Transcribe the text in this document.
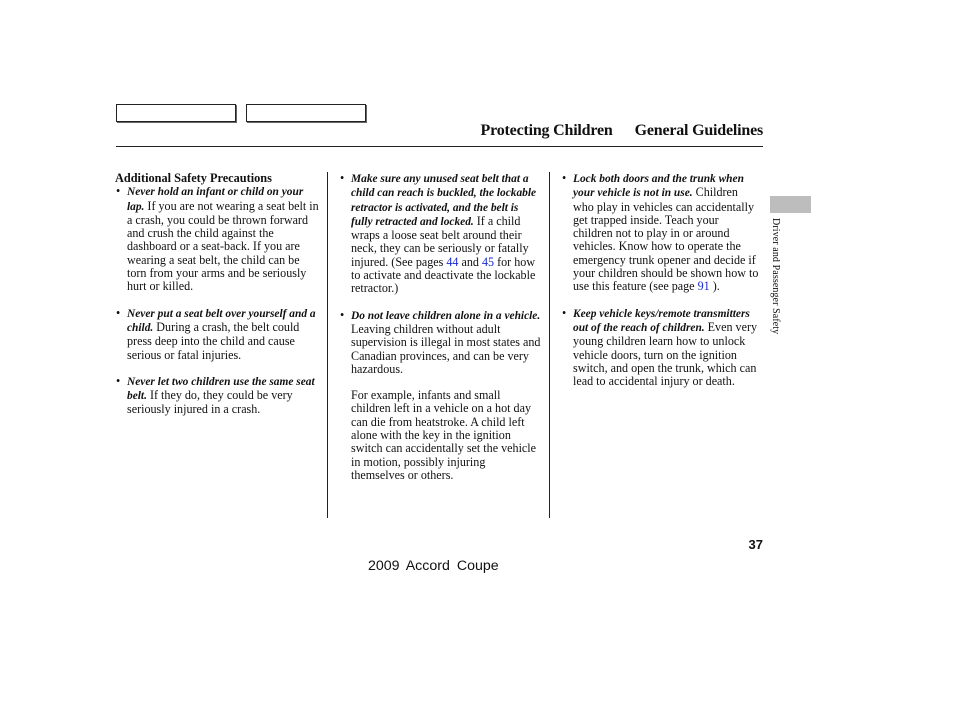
Protecting Children General Guidelines
Additional Safety Precautions
• Never hold an infant or child on your lap. If you are not wearing a seat belt in a crash, you could be thrown forward and crush the child against the dashboard or a seat-back. If you are wearing a seat belt, the child can be torn from your arms and be seriously hurt or killed.
• Never put a seat belt over yourself and a child. During a crash, the belt could press deep into the child and cause serious or fatal injuries.
• Never let two children use the same seat belt. If they do, they could be very seriously injured in a crash.
• Make sure any unused seat belt that a child can reach is buckled, the lockable retractor is activated, and the belt is fully retracted and locked. If a child wraps a loose seat belt around their neck, they can be seriously or fatally injured. (See pages 44 and 45 for how to activate and deactivate the lockable retractor.)
• Do not leave children alone in a vehicle. Leaving children without adult supervision is illegal in most states and Canadian provinces, and can be very hazardous.
For example, infants and small children left in a vehicle on a hot day can die from heatstroke. A child left alone with the key in the ignition switch can accidentally set the vehicle in motion, possibly injuring themselves or others.
• Lock both doors and the trunk when your vehicle is not in use. Children who play in vehicles can accidentally get trapped inside. Teach your children not to play in or around vehicles. Know how to operate the emergency trunk opener and decide if your children should be shown how to use this feature (see page 91 ).
• Keep vehicle keys/remote transmitters out of the reach of children. Even very young children learn how to unlock vehicle doors, turn on the ignition switch, and open the trunk, which can lead to accidental injury or death.
Driver and Passenger Safety
37
2009 Accord Coupe
